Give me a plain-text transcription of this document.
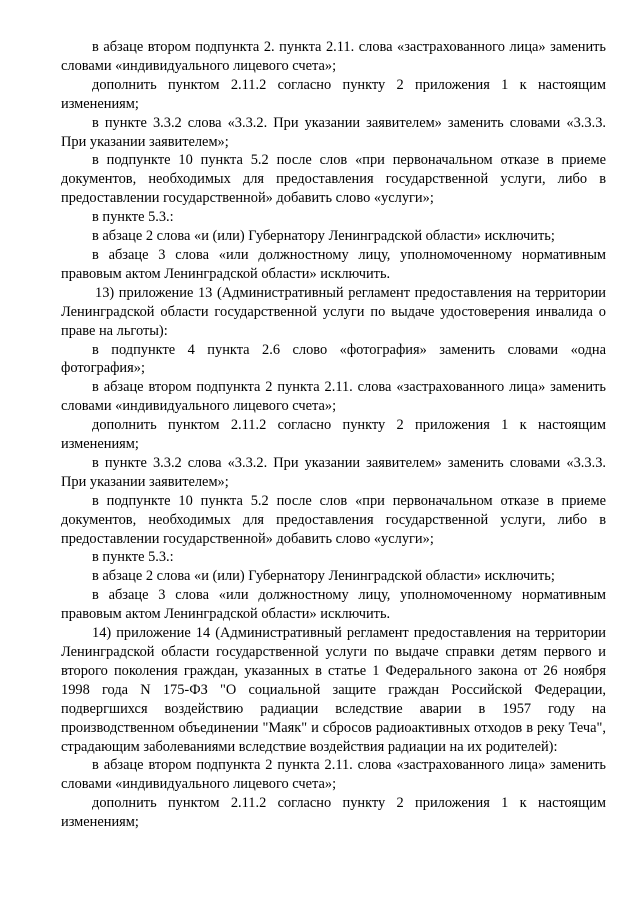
в абзаце втором подпункта 2. пункта 2.11. слова «застрахованного лица» заменить словами «индивидуального лицевого счета»;

дополнить пунктом 2.11.2 согласно пункту 2 приложения 1 к настоящим изменениям;

в пункте 3.3.2 слова «3.3.2. При указании заявителем» заменить словами «3.3.3. При указании заявителем»;

в подпункте 10 пункта 5.2 после слов «при первоначальном отказе в приеме документов, необходимых для предоставления государственной услуги, либо в предоставлении государственной» добавить слово «услуги»;

в пункте 5.3.:

в абзаце 2 слова «и (или) Губернатору Ленинградской области» исключить;

в абзаце 3 слова «или должностному лицу, уполномоченному нормативным правовым актом Ленинградской области» исключить.

13) приложение 13 (Административный регламент предоставления на территории Ленинградской области государственной услуги по выдаче удостоверения инвалида о праве на льготы):

в подпункте 4 пункта 2.6 слово «фотография» заменить словами «одна фотография»;

в абзаце втором подпункта 2 пункта 2.11. слова «застрахованного лица» заменить словами «индивидуального лицевого счета»;

дополнить пунктом 2.11.2 согласно пункту 2 приложения 1 к настоящим изменениям;

в пункте 3.3.2 слова «3.3.2. При указании заявителем» заменить словами «3.3.3. При указании заявителем»;

в подпункте 10 пункта 5.2 после слов «при первоначальном отказе в приеме документов, необходимых для предоставления государственной услуги, либо в предоставлении государственной» добавить слово «услуги»;

в пункте 5.3.:

в абзаце 2 слова «и (или) Губернатору Ленинградской области» исключить;

в абзаце 3 слова «или должностному лицу, уполномоченному нормативным правовым актом Ленинградской области» исключить.

14) приложение 14 (Административный регламент предоставления на территории Ленинградской области государственной услуги по выдаче справки детям первого и второго поколения граждан, указанных в статье 1 Федерального закона от 26 ноября 1998 года N 175-ФЗ "О социальной защите граждан Российской Федерации, подвергшихся воздействию радиации вследствие аварии в 1957 году на производственном объединении "Маяк" и сбросов радиоактивных отходов в реку Теча", страдающим заболеваниями вследствие воздействия радиации на их родителей):

в абзаце втором подпункта 2 пункта 2.11. слова «застрахованного лица» заменить словами «индивидуального лицевого счета»;

дополнить пунктом 2.11.2 согласно пункту 2 приложения 1 к настоящим изменениям;
